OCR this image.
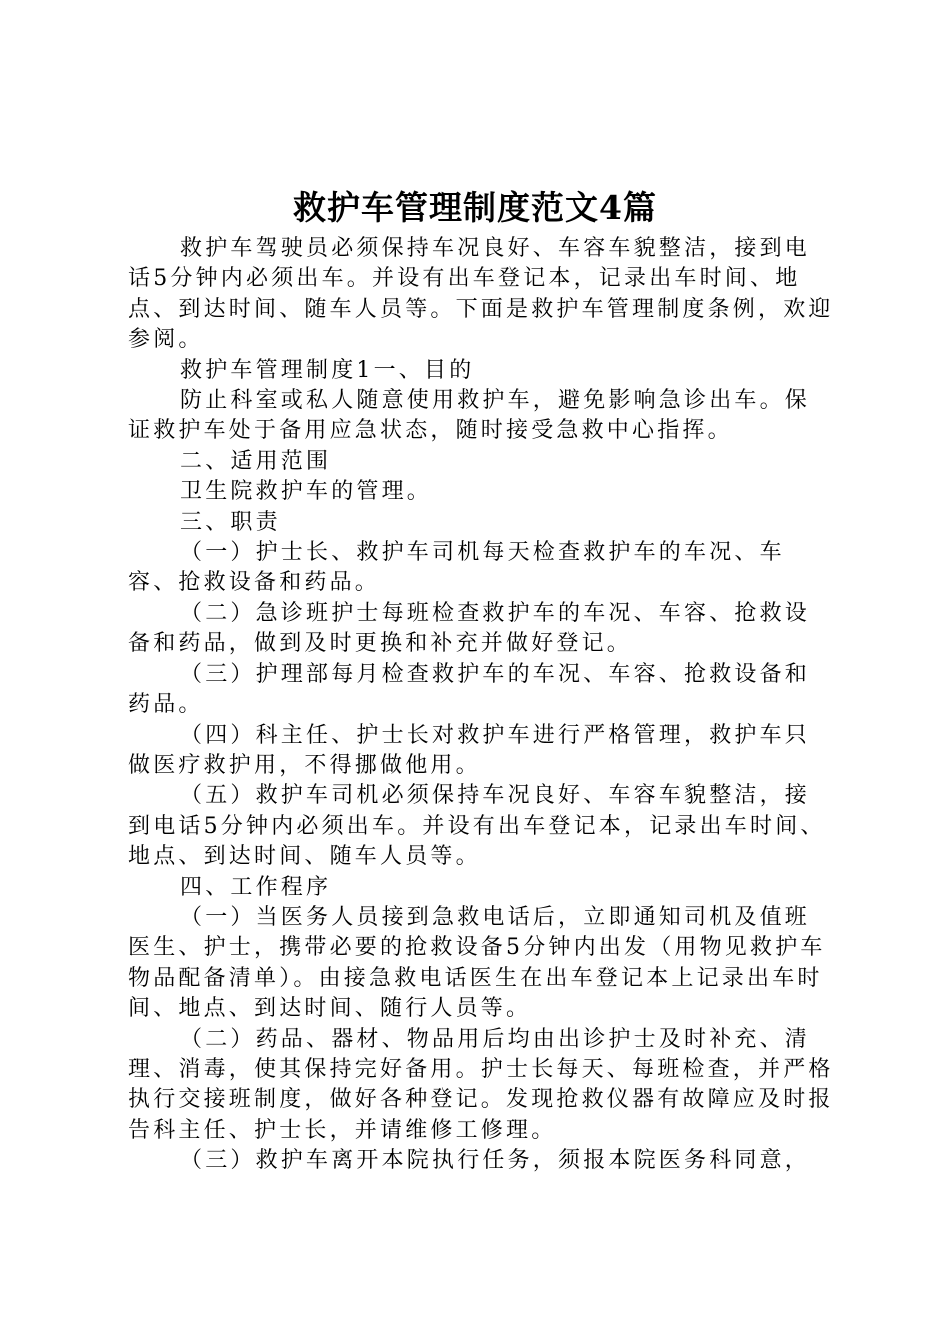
救护车管理制度范文4篇

救护车驾驶员必须保持车况良好、车容车貌整洁，接到电话5分钟内必须出车。并设有出车登记本，记录出车时间、地点、到达时间、随车人员等。下面是救护车管理制度条例，欢迎参阅。

救护车管理制度1一、目的

防止科室或私人随意使用救护车，避免影响急诊出车。保证救护车处于备用应急状态，随时接受急救中心指挥。

二、适用范围

卫生院救护车的管理。

三、职责

（一）护士长、救护车司机每天检查救护车的车况、车容、抢救设备和药品。

（二）急诊班护士每班检查救护车的车况、车容、抢救设备和药品，做到及时更换和补充并做好登记。

（三）护理部每月检查救护车的车况、车容、抢救设备和药品。

（四）科主任、护士长对救护车进行严格管理，救护车只做医疗救护用，不得挪做他用。

（五）救护车司机必须保持车况良好、车容车貌整洁，接到电话5分钟内必须出车。并设有出车登记本，记录出车时间、地点、到达时间、随车人员等。

四、工作程序

（一）当医务人员接到急救电话后，立即通知司机及值班医生、护士，携带必要的抢救设备5分钟内出发（用物见救护车物品配备清单）。由接急救电话医生在出车登记本上记录出车时间、地点、到达时间、随行人员等。

（二）药品、器材、物品用后均由出诊护士及时补充、清理、消毒，使其保持完好备用。护士长每天、每班检查，并严格执行交接班制度，做好各种登记。发现抢救仪器有故障应及时报告科主任、护士长，并请维修工修理。

（三）救护车离开本院执行任务，须报本院医务科同意，
